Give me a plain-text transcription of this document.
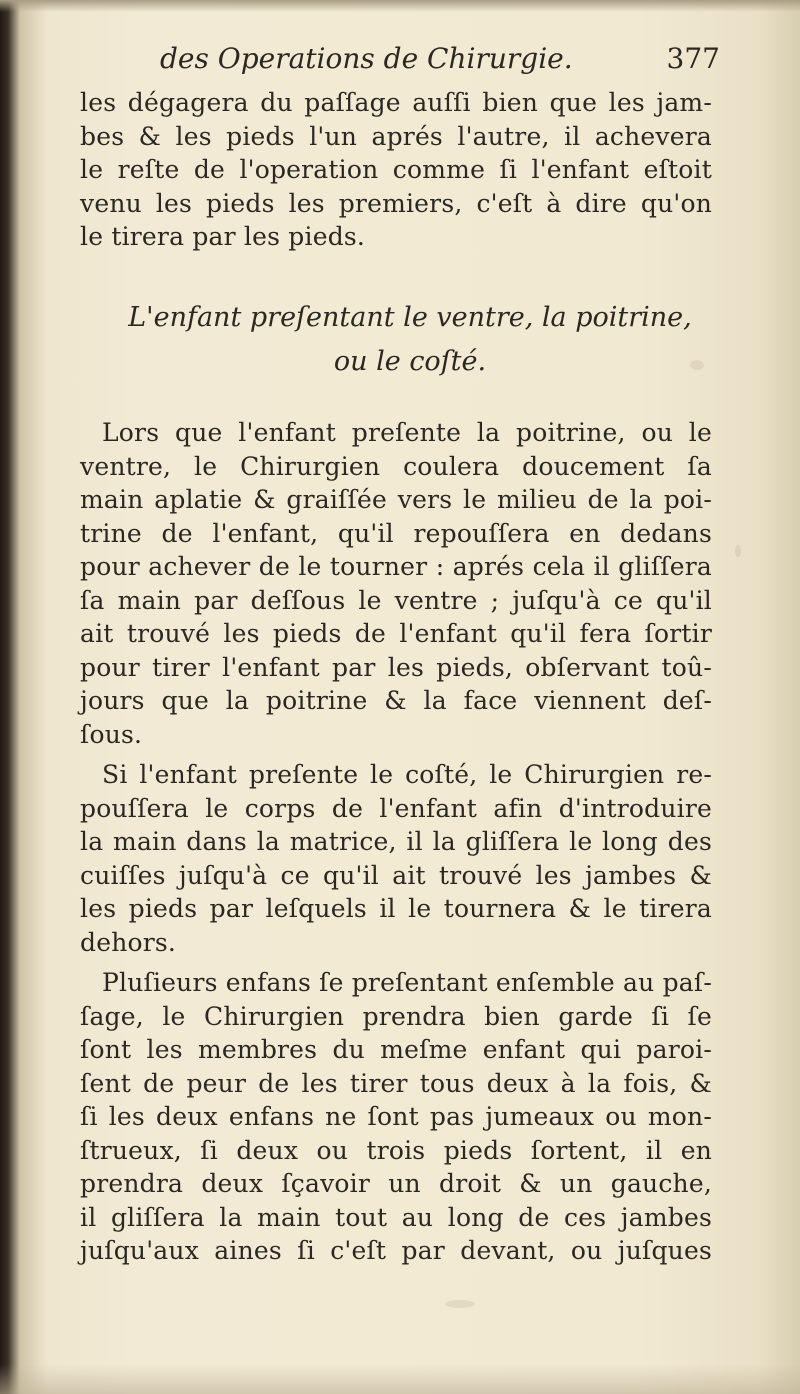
des Operations de Chirurgie.	377
les dégagera du paſſage auſſi bien que les jam-
bes & les pieds l'un aprés l'autre, il achevera
le reſte de l'operation comme ſi l'enfant eſtoit
venu les pieds les premiers, c'eſt à dire qu'on
le tirera par les pieds.
L'enfant preſentant le ventre, la poitrine,
ou le coſté.
Lors que l'enfant preſente la poitrine, ou le
ventre, le Chirurgien coulera doucement ſa
main aplatie & graiſſée vers le milieu de la poi-
trine de l'enfant, qu'il repouſſera en dedans
pour achever de le tourner : aprés cela il gliſſera
ſa main par deſſous le ventre ; juſqu'à ce qu'il
ait trouvé les pieds de l'enfant qu'il fera ſortir
pour tirer l'enfant par les pieds, obſervant toû-
jours que la poitrine & la face viennent deſ-
ſous.
Si l'enfant preſente le coſté, le Chirurgien re-
pouſſera le corps de l'enfant afin d'introduire
la main dans la matrice, il la gliſſera le long des
cuiſſes juſqu'à ce qu'il ait trouvé les jambes &
les pieds par leſquels il le tournera & le tirera
dehors.
Pluſieurs enfans ſe preſentant enſemble au paſ-
ſage, le Chirurgien prendra bien garde ſi ſe
ſont les membres du meſme enfant qui paroi-
ſent de peur de les tirer tous deux à la fois, &
ſi les deux enfans ne ſont pas jumeaux ou mon-
ſtrueux, ſi deux ou trois pieds ſortent, il en
prendra deux ſçavoir un droit & un gauche,
il gliſſera la main tout au long de ces jambes
juſqu'aux aines ſi c'eſt par devant, ou juſques
